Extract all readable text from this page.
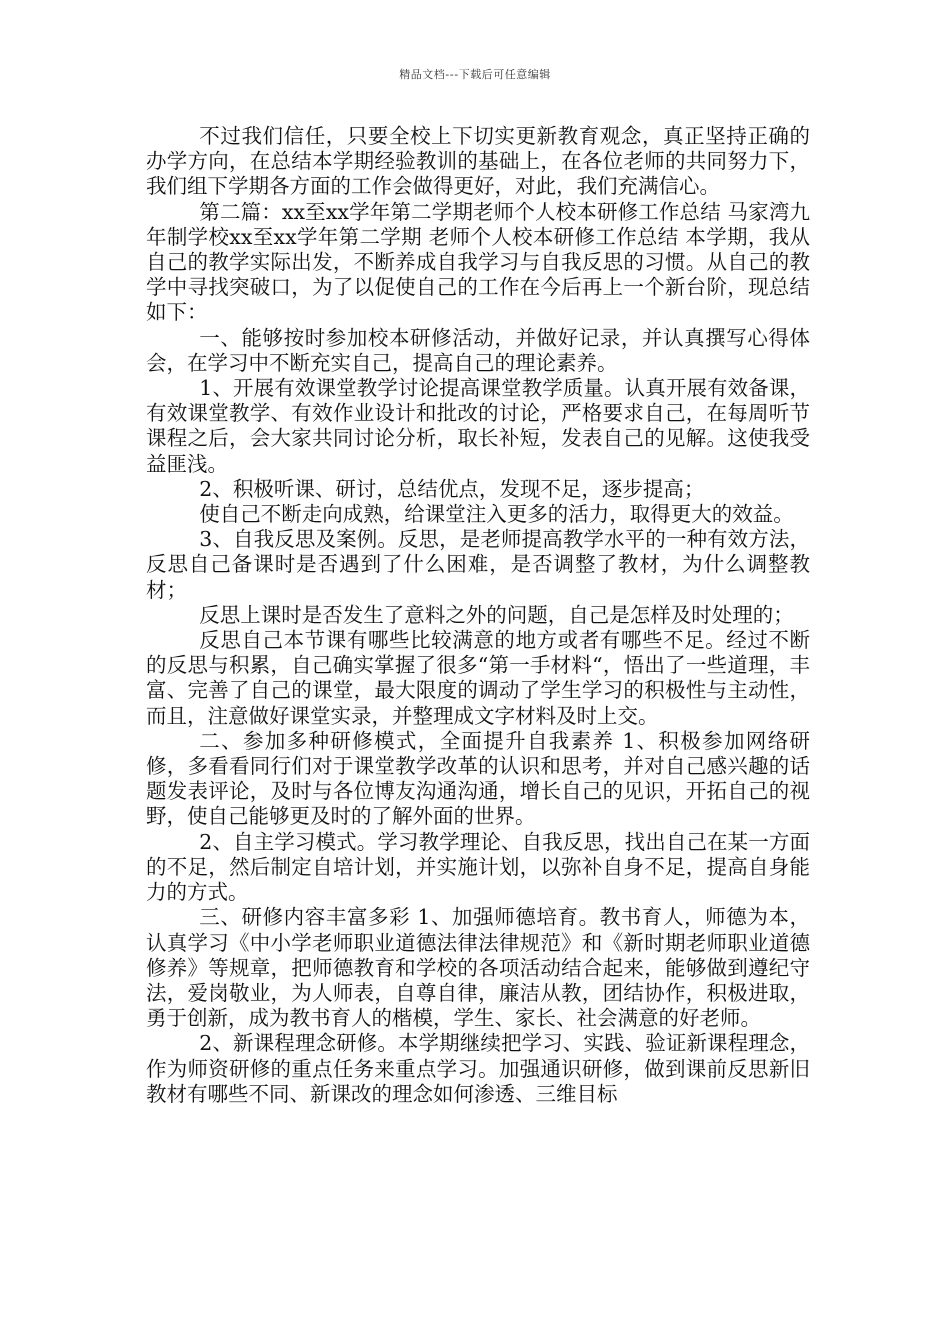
精品文档---下载后可任意编辑

不过我们信任，只要全校上下切实更新教育观念，真正坚持正确的办学方向，在总结本学期经验教训的基础上，在各位老师的共同努力下，我们组下学期各方面的工作会做得更好，对此，我们充满信心。

第二篇：xx至xx学年第二学期老师个人校本研修工作总结 马家湾九年制学校xx至xx学年第二学期 老师个人校本研修工作总结 本学期，我从自己的教学实际出发，不断养成自我学习与自我反思的习惯。从自己的教学中寻找突破口，为了以促使自己的工作在今后再上一个新台阶，现总结如下：

一、能够按时参加校本研修活动，并做好记录，并认真撰写心得体会，在学习中不断充实自己，提高自己的理论素养。

1、开展有效课堂教学讨论提高课堂教学质量。认真开展有效备课，有效课堂教学、有效作业设计和批改的讨论，严格要求自己，在每周听节课程之后，会大家共同讨论分析，取长补短，发表自己的见解。这使我受益匪浅。

2、积极听课、研讨，总结优点，发现不足，逐步提高；

使自己不断走向成熟，给课堂注入更多的活力，取得更大的效益。

3、自我反思及案例。反思，是老师提高教学水平的一种有效方法，反思自己备课时是否遇到了什么困难，是否调整了教材，为什么调整教材；

反思上课时是否发生了意料之外的问题，自己是怎样及时处理的；

反思自己本节课有哪些比较满意的地方或者有哪些不足。经过不断的反思与积累，自己确实掌握了很多“第一手材料“，悟出了一些道理，丰富、完善了自己的课堂，最大限度的调动了学生学习的积极性与主动性，而且，注意做好课堂实录，并整理成文字材料及时上交。

二、参加多种研修模式，全面提升自我素养 1、积极参加网络研修，多看看同行们对于课堂教学改革的认识和思考，并对自己感兴趣的话题发表评论，及时与各位博友沟通沟通，增长自己的见识，开拓自己的视野，使自己能够更及时的了解外面的世界。

2、自主学习模式。学习教学理论、自我反思，找出自己在某一方面的不足，然后制定自培计划，并实施计划，以弥补自身不足，提高自身能力的方式。

三、研修内容丰富多彩 1、加强师德培育。教书育人，师德为本，认真学习《中小学老师职业道德法律法律规范》和《新时期老师职业道德修养》等规章，把师德教育和学校的各项活动结合起来，能够做到遵纪守法，爱岗敬业，为人师表，自尊自律，廉洁从教，团结协作，积极进取，勇于创新，成为教书育人的楷模，学生、家长、社会满意的好老师。

2、新课程理念研修。本学期继续把学习、实践、验证新课程理念，作为师资研修的重点任务来重点学习。加强通识研修，做到课前反思新旧教材有哪些不同、新课改的理念如何渗透、三维目标
